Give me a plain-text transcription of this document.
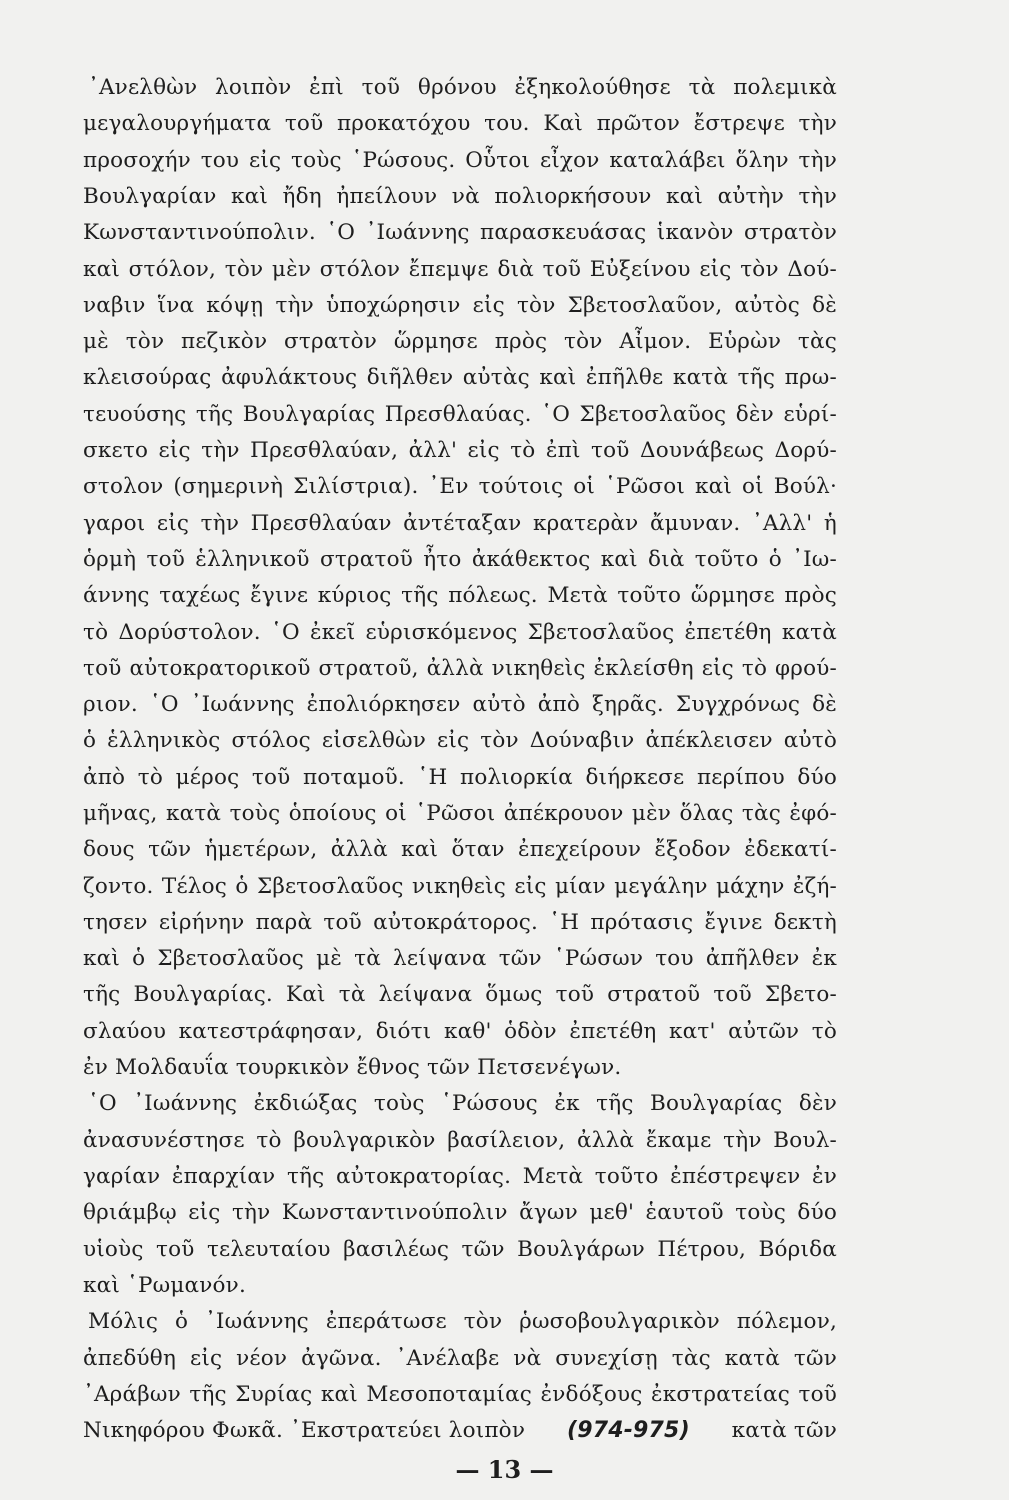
᾿Ανελθὼν λοιπὸν ἐπὶ τοῦ θρόνου ἐξηκολούθησε τὰ πολεμικὰ
μεγαλουργήματα τοῦ προκατόχου του. Καὶ πρῶτον ἔστρεψε τὴν
προσοχήν του εἰς τοὺς ῾Ρώσους. Οὗτοι εἶχον καταλάβει ὅλην τὴν
Βουλγαρίαν καὶ ἤδη ἠπείλουν νὰ πολιορκήσουν καὶ αὐτὴν τὴν
Κωνσταντινούπολιν. ῾Ο ᾿Ιωάννης παρασκευάσας ἱκανὸν στρατὸν
καὶ στόλον, τὸν μὲν στόλον ἔπεμψε διὰ τοῦ Εὐξείνου εἰς τὸν Δού-
ναβιν ἵνα κόψῃ τὴν ὑποχώρησιν εἰς τὸν Σβετοσλαῦον, αὐτὸς δὲ
μὲ τὸν πεζικὸν στρατὸν ὥρμησε πρὸς τὸν Αἶμον. Εὑρὼν τὰς
κλεισούρας ἀφυλάκτους διῆλθεν αὐτὰς καὶ ἐπῆλθε κατὰ τῆς πρω-
τευούσης τῆς Βουλγαρίας Πρεσθλαύας. ῾Ο Σβετοσλαῦος δὲν εὑρί-
σκετο εἰς τὴν Πρεσθλαύαν, ἀλλ' εἰς τὸ ἐπὶ τοῦ Δουνάβεως Δορύ-
στολον (σημερινὴ Σιλίστρια). ᾿Εν τούτοις οἱ ῾Ρῶσοι καὶ οἱ Βούλ·
γαροι εἰς τὴν Πρεσθλαύαν ἀντέταξαν κρατερὰν ἄμυναν. ᾿Αλλ' ἡ
ὁρμὴ τοῦ ἑλληνικοῦ στρατοῦ ἦτο ἀκάθεκτος καὶ διὰ τοῦτο ὁ ᾿Ιω-
άννης ταχέως ἔγινε κύριος τῆς πόλεως. Μετὰ τοῦτο ὥρμησε πρὸς
τὸ Δορύστολον. ῾Ο ἐκεῖ εὑρισκόμενος Σβετοσλαῦος ἐπετέθη κατὰ
τοῦ αὐτοκρατορικοῦ στρατοῦ, ἀλλὰ νικηθεὶς ἐκλείσθη εἰς τὸ φρού-
ριον. ῾Ο ᾿Ιωάννης ἐπολιόρκησεν αὐτὸ ἀπὸ ξηρᾶς. Συγχρόνως δὲ
ὁ ἑλληνικὸς στόλος εἰσελθὼν εἰς τὸν Δούναβιν ἀπέκλεισεν αὐτὸ
ἀπὸ τὸ μέρος τοῦ ποταμοῦ. ῾Η πολιορκία διήρκεσε περίπου δύο
μῆνας, κατὰ τοὺς ὁποίους οἱ ῾Ρῶσοι ἀπέκρουον μὲν ὅλας τὰς ἐφό-
δους τῶν ἡμετέρων, ἀλλὰ καὶ ὅταν ἐπεχείρουν ἔξοδον ἐδεκατί-
ζοντο. Τέλος ὁ Σβετοσλαῦος νικηθεὶς εἰς μίαν μεγάλην μάχην ἐζή-
τησεν εἰρήνην παρὰ τοῦ αὐτοκράτορος. ῾Η πρότασις ἔγινε δεκτὴ
καὶ ὁ Σβετοσλαῦος μὲ τὰ λείψανα τῶν ῾Ρώσων του ἀπῆλθεν ἐκ
τῆς Βουλγαρίας. Καὶ τὰ λείψανα ὅμως τοῦ στρατοῦ τοῦ Σβετο-
σλαύου κατεστράφησαν, διότι καθ' ὁδὸν ἐπετέθη κατ' αὐτῶν τὸ
ἐν Μολδαυΐα τουρκικὸν ἔθνος τῶν Πετσενέγων.
῾Ο ᾿Ιωάννης ἐκδιώξας τοὺς ῾Ρώσους ἐκ τῆς Βουλγαρίας δὲν
ἀνασυνέστησε τὸ βουλγαρικὸν βασίλειον, ἀλλὰ ἔκαμε τὴν Βουλ-
γαρίαν ἐπαρχίαν τῆς αὐτοκρατορίας. Μετὰ τοῦτο ἐπέστρεψεν ἐν
θριάμβῳ εἰς τὴν Κωνσταντινούπολιν ἄγων μεθ' ἑαυτοῦ τοὺς δύο
υἱοὺς τοῦ τελευταίου βασιλέως τῶν Βουλγάρων Πέτρου, Βόριδα
καὶ ῾Ρωμανόν.
Μόλις ὁ ᾿Ιωάννης ἐπεράτωσε τὸν ῥωσοβουλγαρικὸν πόλεμον,
ἀπεδύθη εἰς νέον ἀγῶνα. ᾿Ανέλαβε νὰ συνεχίσῃ τὰς κατὰ τῶν
᾿Αράβων τῆς Συρίας καὶ Μεσοποταμίας ἐνδόξους ἐκστρατείας τοῦ
Νικηφόρου Φωκᾶ. ᾿Εκστρατεύει λοιπὸν (974-975) κατὰ τῶν
— 13 —
